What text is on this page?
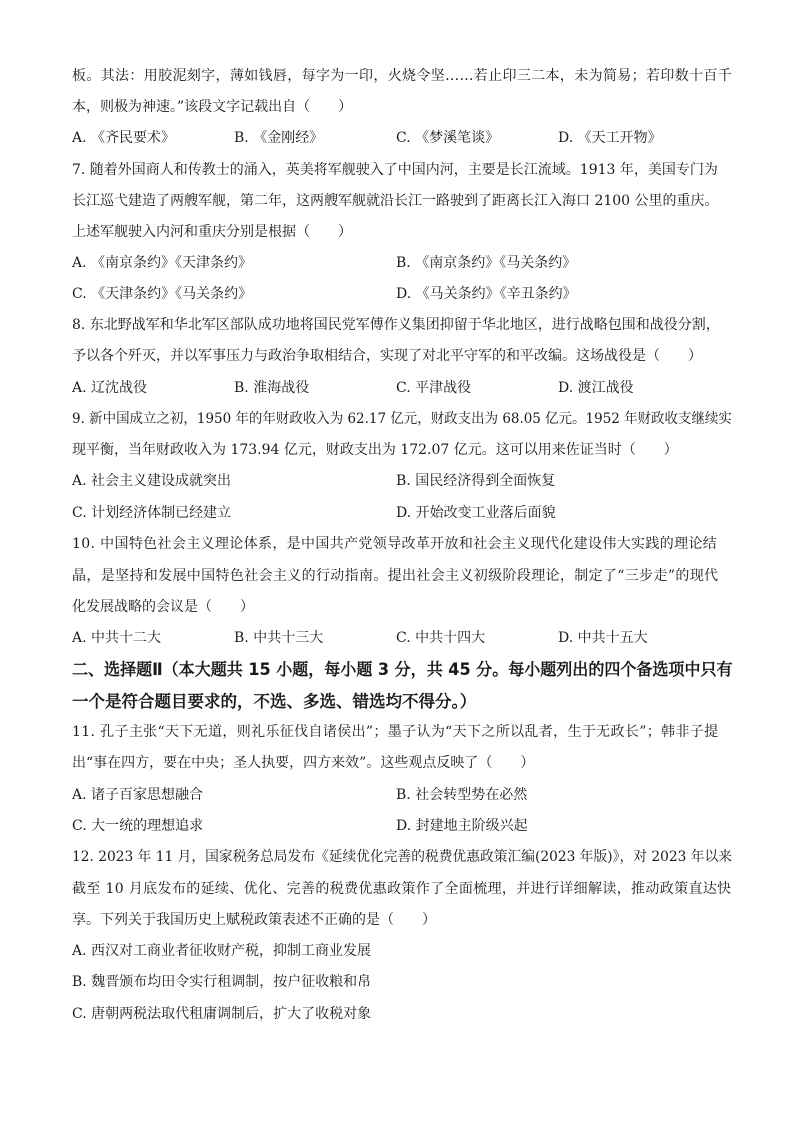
板。其法：用胶泥刻字，薄如钱唇，每字为一印，火烧令坚……若止印三二本，未为简易；若印数十百千
本，则极为神速。”该段文字记载出自（　　）
A. 《齐民要术》	B. 《金刚经》	C. 《梦溪笔谈》	D. 《天工开物》
7. 随着外国商人和传教士的涌入，英美将军舰驶入了中国内河，主要是长江流域。1913 年，美国专门为
长江巡弋建造了两艘军舰，第二年，这两艘军舰就沿长江一路驶到了距离长江入海口 2100 公里的重庆。
上述军舰驶入内河和重庆分别是根据（　　）
A. 《南京条约》《天津条约》	B. 《南京条约》《马关条约》
C. 《天津条约》《马关条约》	D. 《马关条约》《辛丑条约》
8. 东北野战军和华北军区部队成功地将国民党军傅作义集团抑留于华北地区，进行战略包围和战役分割，
予以各个歼灭，并以军事压力与政治争取相结合，实现了对北平守军的和平改编。这场战役是（　　）
A. 辽沈战役	B. 淮海战役	C. 平津战役	D. 渡江战役
9. 新中国成立之初，1950 年的年财政收入为 62.17 亿元，财政支出为 68.05 亿元。1952 年财政收支继续实
现平衡，当年财政收入为 173.94 亿元，财政支出为 172.07 亿元。这可以用来佐证当时（　　）
A. 社会主义建设成就突出	B. 国民经济得到全面恢复
C. 计划经济体制已经建立	D. 开始改变工业落后面貌
10. 中国特色社会主义理论体系，是中国共产党领导改革开放和社会主义现代化建设伟大实践的理论结
晶，是坚持和发展中国特色社会主义的行动指南。提出社会主义初级阶段理论，制定了“三步走”的现代
化发展战略的会议是（　　）
A. 中共十二大	B. 中共十三大	C. 中共十四大	D. 中共十五大
二、选择题Ⅱ（本大题共 15 小题，每小题 3 分，共 45 分。每小题列出的四个备选项中只有
一个是符合题目要求的，不选、多选、错选均不得分。）
11. 孔子主张“天下无道，则礼乐征伐自诸侯出”；墨子认为“天下之所以乱者，生于无政长”；韩非子提
出“事在四方，要在中央；圣人执要，四方来效”。这些观点反映了（　　）
A. 诸子百家思想融合	B. 社会转型势在必然
C. 大一统的理想追求	D. 封建地主阶级兴起
12. 2023 年 11 月，国家税务总局发布《延续优化完善的税费优惠政策汇编(2023 年版)》，对 2023 年以来
截至 10 月底发布的延续、优化、完善的税费优惠政策作了全面梳理，并进行详细解读，推动政策直达快
享。下列关于我国历史上赋税政策表述不正确的是（　　）
A. 西汉对工商业者征收财产税，抑制工商业发展
B. 魏晋颁布均田令实行租调制，按户征收粮和帛
C. 唐朝两税法取代租庸调制后，扩大了收税对象
